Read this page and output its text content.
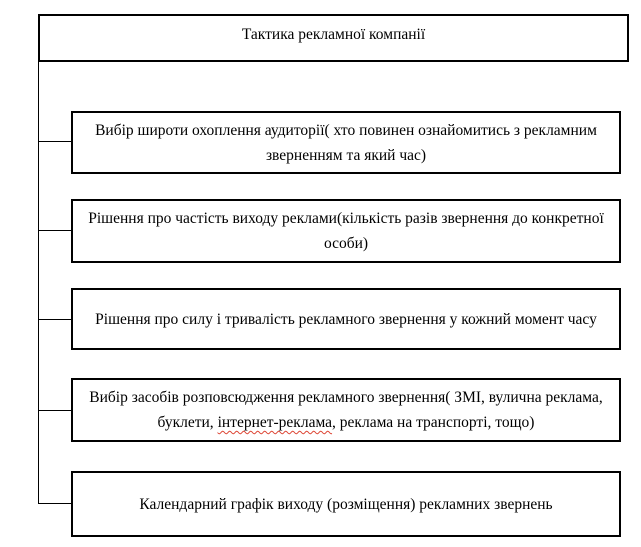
Тактика рекламної компанії
Вибір широти охоплення аудиторії( хто повинен ознайомитись з рекламним зверненням та який час)
Рішення про частість виходу реклами(кількість разів звернення до конкретної особи)
Рішення про силу і тривалість рекламного звернення у кожний момент часу
Вибір засобів розповсюдження рекламного звернення( ЗМІ, вулична реклама, буклети, інтернет-реклама, реклама на транспорті, тощо)
Календарний графік виходу (розміщення) рекламних звернень
